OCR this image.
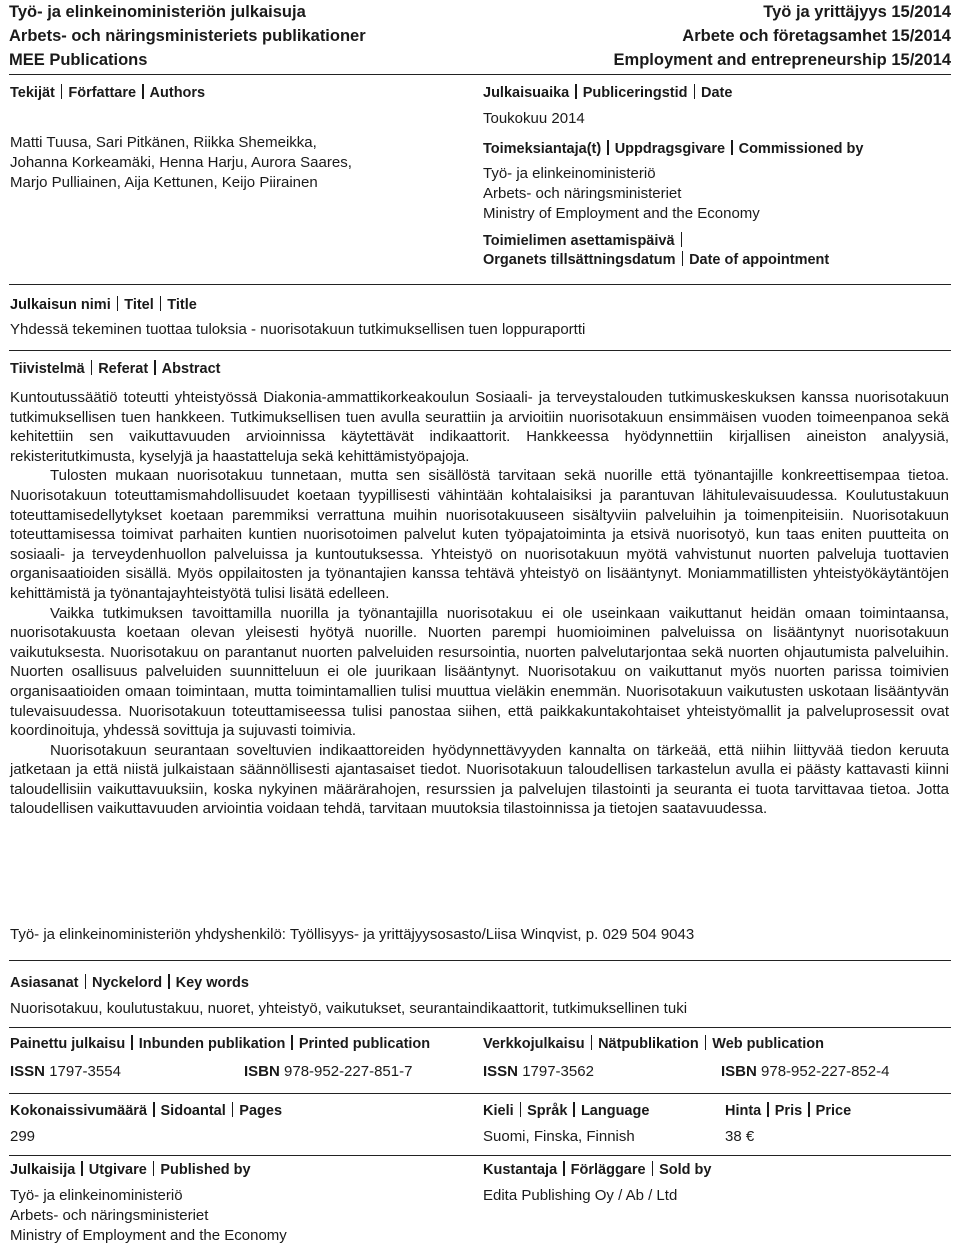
Työ- ja elinkeinoministeriön julkaisuja
Arbets- och näringsministeriets publikationer
MEE Publications
Työ ja yrittäjyys 15/2014
Arbete och företagsamhet 15/2014
Employment and entrepreneurship 15/2014
Tekijät Författare Authors
Matti Tuusa, Sari Pitkänen, Riikka Shemeikka,
Johanna Korkeamäki, Henna Harju, Aurora Saares,
Marjo Pulliainen, Aija Kettunen, Keijo Piirainen
Julkaisuaika Publiceringstid Date
Toukokuu 2014
Toimeksiantaja(t) Uppdragsgivare Commissioned by
Työ- ja elinkeinoministeriö
Arbets- och näringsministeriet
Ministry of Employment and the Economy
Toimielimen asettamispäivä
Organets tillsättningsdatum Date of appointment
Julkaisun nimi Titel Title
Yhdessä tekeminen tuottaa tuloksia - nuorisotakuun tutkimuksellisen tuen loppuraportti
Tiivistelmä Referat Abstract

Kuntoutussäätiö toteutti yhteistyössä Diakonia-ammattikorkeakoulun Sosiaali- ja terveystalouden tutkimuskeskuksen kanssa nuorisotakuun tutkimuksellisen tuen hankkeen. Tutkimuksellisen tuen avulla seurattiin ja arvioitiin nuorisotakuun ensimmäisen vuoden toimeenpanoa sekä kehitettiin sen vaikuttavuuden arvioinnissa käytettävät indikaattorit. Hankkeessa hyödynnettiin kirjallisen aineiston analyysiä, rekisteritutkimusta, kyselyjä ja haastatteluja sekä kehittämistyöpajoja.

Tulosten mukaan nuorisotakuu tunnetaan, mutta sen sisällöstä tarvitaan sekä nuorille että työnantajille konkreettisempaa tietoa. Nuorisotakuun toteuttamismahdollisuudet koetaan tyypillisesti vähintään kohtalaisiksi ja parantuvan lähitulevaisuudessa. Koulutustakuun toteuttamisedellytykset koetaan paremmiksi verrattuna muihin nuorisotakuuseen sisältyviin palveluihin ja toimenpiteisiin. Nuorisotakuun toteuttamisessa toimivat parhaiten kuntien nuorisotoimen palvelut kuten työpajatoiminta ja etsivä nuorisotyö, kun taas eniten puutteita on sosiaali- ja terveydenhuollon palveluissa ja kuntoutuksessa. Yhteistyö on nuorisotakuun myötä vahvistunut nuorten palveluja tuottavien organisaatioiden sisällä. Myös oppilaitosten ja työnantajien kanssa tehtävä yhteistyö on lisääntynyt. Moniammatillisten yhteistyökäytäntöjen kehittämistä ja työnantajayhteistyötä tulisi lisätä edelleen.

Vaikka tutkimuksen tavoittamilla nuorilla ja työnantajilla nuorisotakuu ei ole useinkaan vaikuttanut heidän omaan toimintaansa, nuorisotakuusta koetaan olevan yleisesti hyötyä nuorille. Nuorten parempi huomioiminen palveluissa on lisääntynyt nuorisotakuun vaikutuksesta. Nuorisotakuu on parantanut nuorten palveluiden resursointia, nuorten palvelutarjontaa sekä nuorten ohjautumista palveluihin. Nuorten osallisuus palveluiden suunnitteluun ei ole juurikaan lisääntynyt. Nuorisotakuu on vaikuttanut myös nuorten parissa toimivien organisaatioiden omaan toimintaan, mutta toimintamallien tulisi muuttua vieläkin enemmän. Nuorisotakuun vaikutusten uskotaan lisääntyvän tulevaisuudessa. Nuorisotakuun toteuttamiseessa tulisi panostaa siihen, että paikkakuntakohtaiset yhteistyömallit ja palveluprosessit ovat koordinoituja, yhdessä sovittuja ja sujuvasti toimivia.

Nuorisotakuun seurantaan soveltuvien indikaattoreiden hyödynnettävyyden kannalta on tärkeää, että niihin liittyvää tiedon keruuta jatketaan ja että niistä julkaistaan säännöllisesti ajantasaiset tiedot. Nuorisotakuun taloudellisen tarkastelun avulla ei päästy kattavasti kiinni taloudellisiin vaikuttavuuksiin, koska nykyinen määrärahojen, resurssien ja palvelujen tilastointi ja seuranta ei tuota tarvittavaa tietoa. Jotta taloudellisen vaikuttavuuden arviointia voidaan tehdä, tarvitaan muutoksia tilastoinnissa ja tietojen saatavuudessa.

Työ- ja elinkeinoministeriön yhdyshenkilö: Työllisyys- ja yrittäjyysosasto/Liisa Winqvist, p. 029 504 9043
Asiasanat Nyckelord Key words
Nuorisotakuu, koulutustakuu, nuoret, yhteistyö, vaikutukset, seurantaindikaattorit, tutkimuksellinen tuki
Painettu julkaisu Inbunden publikation Printed publication
ISSN 1797-3554	ISBN 978-952-227-851-7
Verkkojulkaisu Nätpublikation Web publication
ISSN 1797-3562	ISBN 978-952-227-852-4
Kokonaissivumäärä Sidoantal Pages
299
Kieli Språk Language
Suomi, Finska, Finnish
Hinta Pris Price
38 €
Julkaisija Utgivare Published by
Työ- ja elinkeinoministeriö
Arbets- och näringsministeriet
Ministry of Employment and the Economy
Kustantaja Förläggare Sold by
Edita Publishing Oy / Ab / Ltd
